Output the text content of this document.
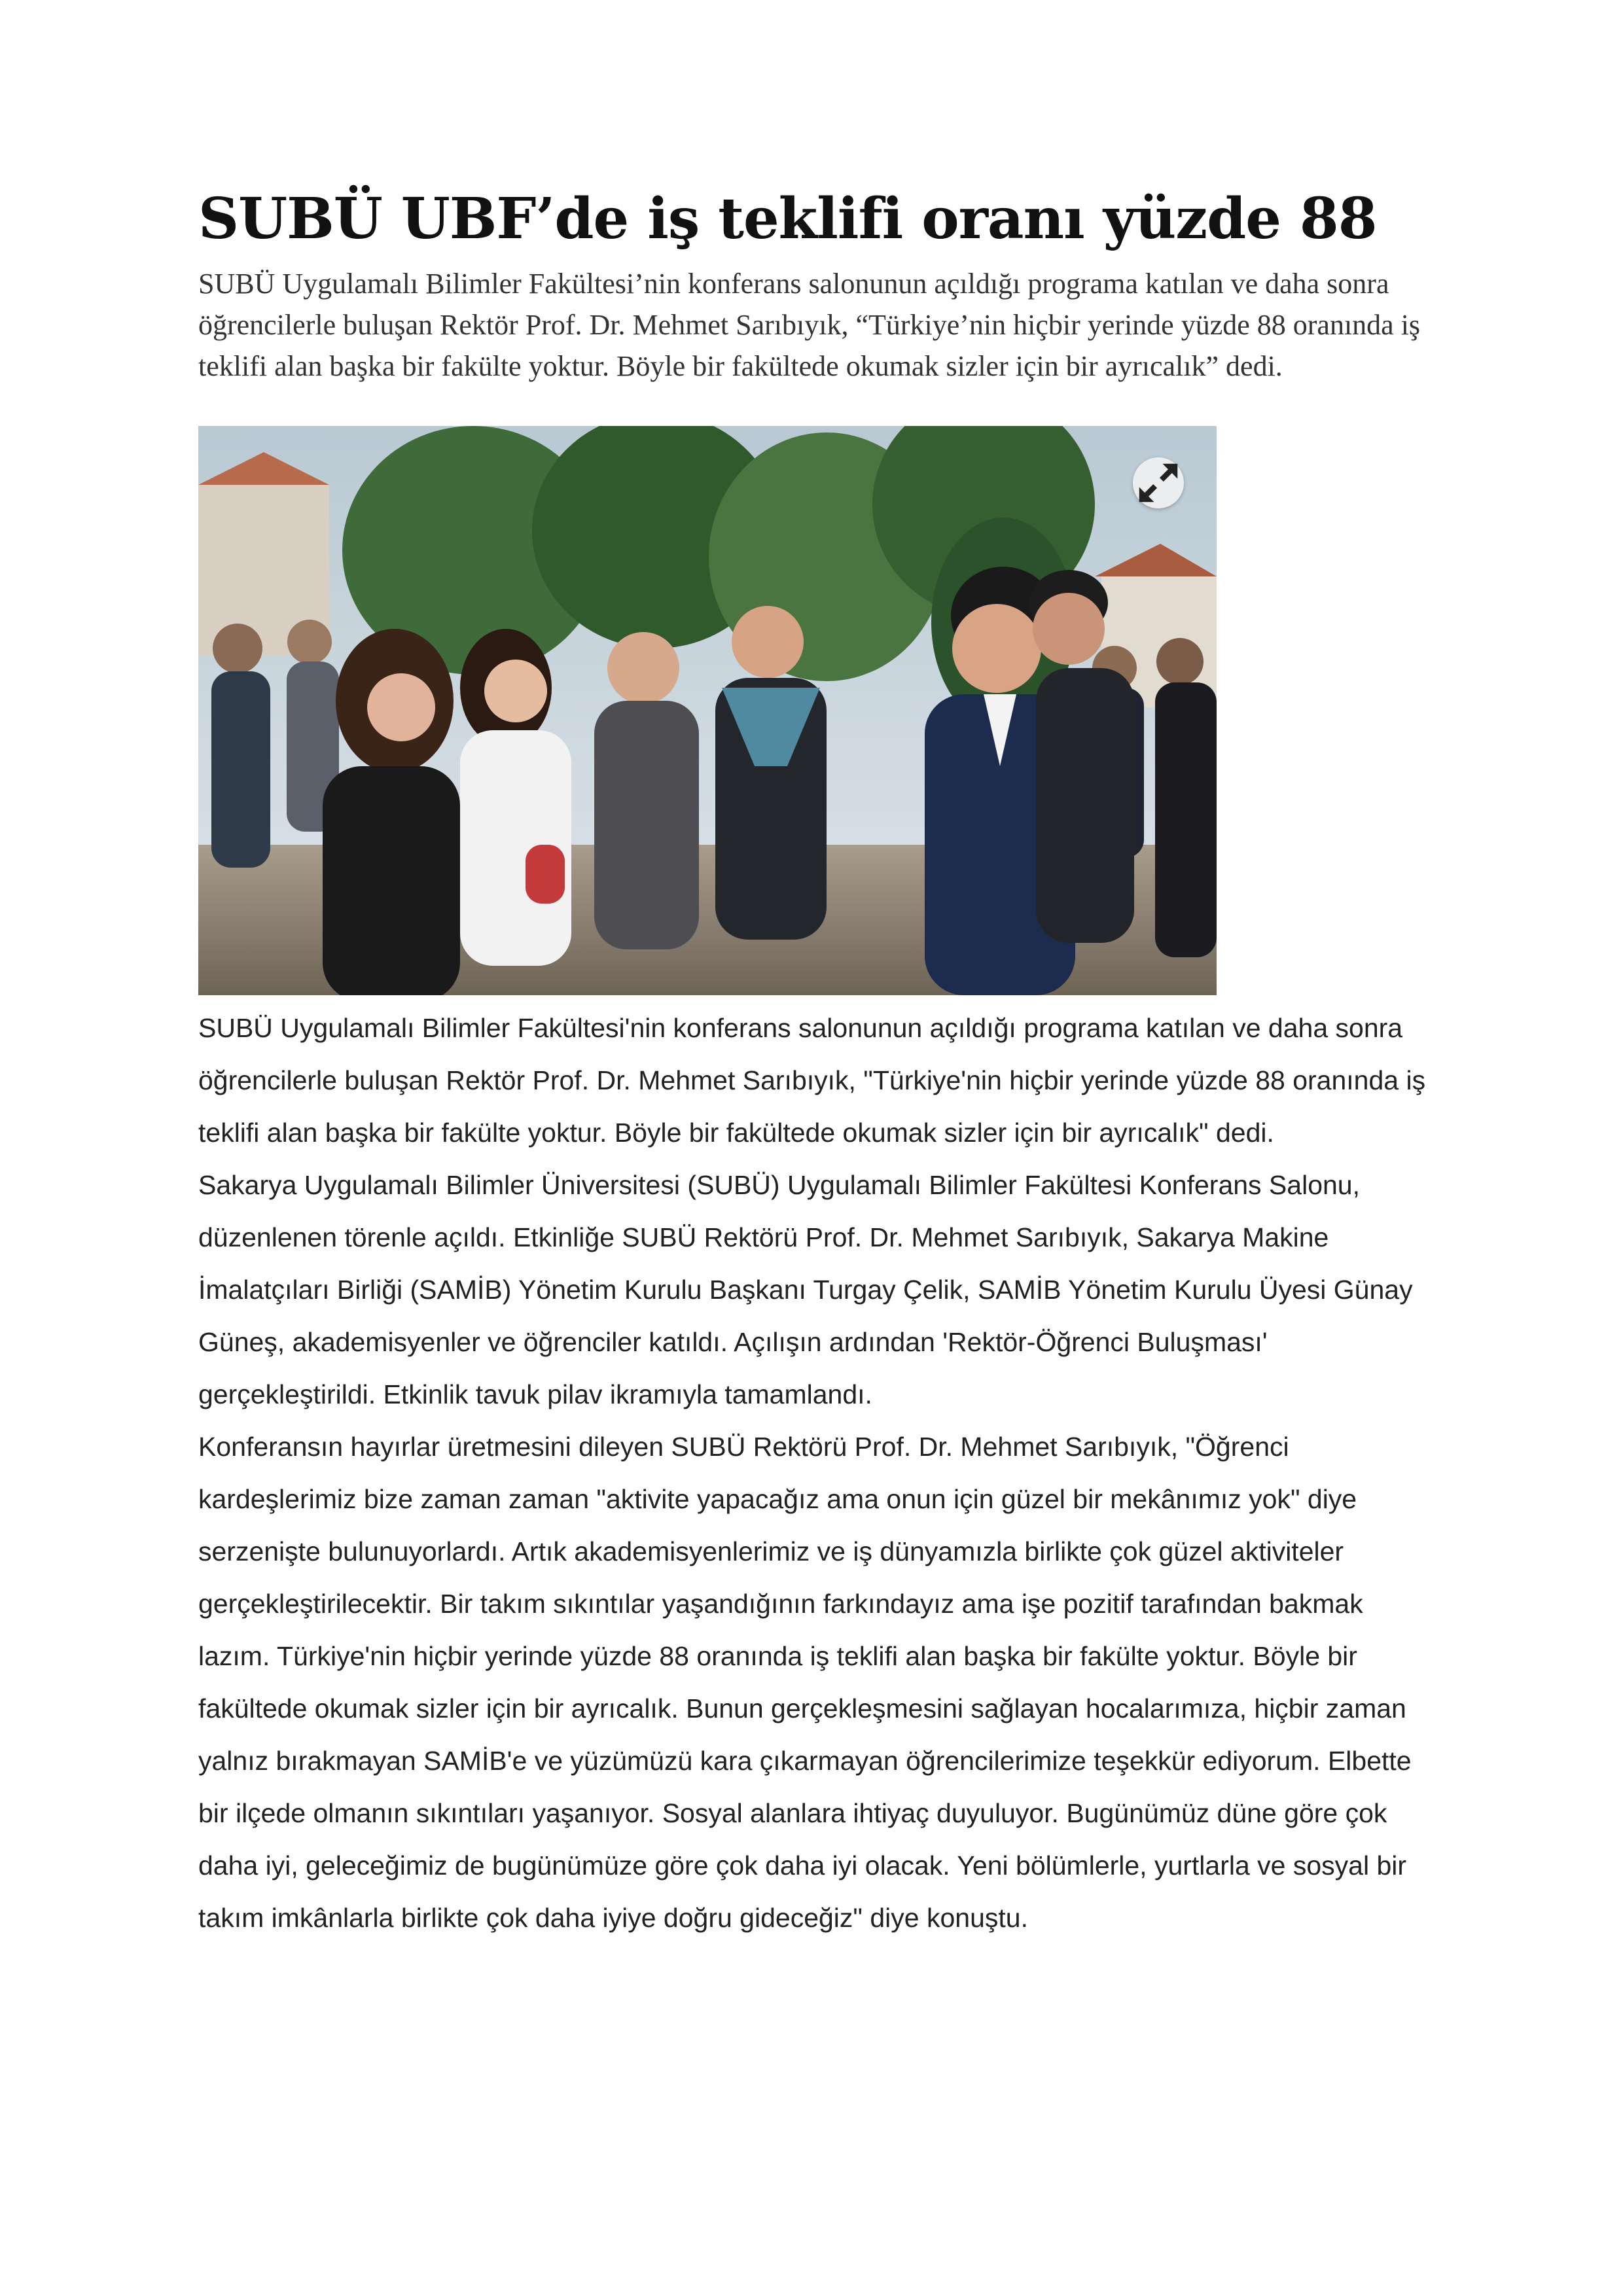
SUBÜ UBF’de iş teklifi oranı yüzde 88

SUBÜ Uygulamalı Bilimler Fakültesi’nin konferans salonunun açıldığı programa katılan ve daha sonra öğrencilerle buluşan Rektör Prof. Dr. Mehmet Sarıbıyık, “Türkiye’nin hiçbir yerinde yüzde 88 oranında iş teklifi alan başka bir fakülte yoktur. Böyle bir fakültede okumak sizler için bir ayrıcalık” dedi.

SUBÜ Uygulamalı Bilimler Fakültesi'nin konferans salonunun açıldığı programa katılan ve daha sonra öğrencilerle buluşan Rektör Prof. Dr. Mehmet Sarıbıyık, "Türkiye'nin hiçbir yerinde yüzde 88 oranında iş teklifi alan başka bir fakülte yoktur. Böyle bir fakültede okumak sizler için bir ayrıcalık" dedi.

Sakarya Uygulamalı Bilimler Üniversitesi (SUBÜ) Uygulamalı Bilimler Fakültesi Konferans Salonu, düzenlenen törenle açıldı. Etkinliğe SUBÜ Rektörü Prof. Dr. Mehmet Sarıbıyık, Sakarya Makine İmalatçıları Birliği (SAMİB) Yönetim Kurulu Başkanı Turgay Çelik, SAMİB Yönetim Kurulu Üyesi Günay Güneş, akademisyenler ve öğrenciler katıldı. Açılışın ardından 'Rektör-Öğrenci Buluşması' gerçekleştirildi. Etkinlik tavuk pilav ikramıyla tamamlandı.

Konferansın hayırlar üretmesini dileyen SUBÜ Rektörü Prof. Dr. Mehmet Sarıbıyık, "Öğrenci kardeşlerimiz bize zaman zaman "aktivite yapacağız ama onun için güzel bir mekânımız yok" diye serzenişte bulunuyorlardı. Artık akademisyenlerimiz ve iş dünyamızla birlikte çok güzel aktiviteler gerçekleştirilecektir. Bir takım sıkıntılar yaşandığının farkındayız ama işe pozitif tarafından bakmak lazım. Türkiye'nin hiçbir yerinde yüzde 88 oranında iş teklifi alan başka bir fakülte yoktur. Böyle bir fakültede okumak sizler için bir ayrıcalık. Bunun gerçekleşmesini sağlayan hocalarımıza, hiçbir zaman yalnız bırakmayan SAMİB'e ve yüzümüzü kara çıkarmayan öğrencilerimize teşekkür ediyorum. Elbette bir ilçede olmanın sıkıntıları yaşanıyor. Sosyal alanlara ihtiyaç duyuluyor. Bugünümüz düne göre çok daha iyi, geleceğimiz de bugünümüze göre çok daha iyi olacak. Yeni bölümlerle, yurtlarla ve sosyal bir takım imkânlarla birlikte çok daha iyiye doğru gideceğiz" diye konuştu.
